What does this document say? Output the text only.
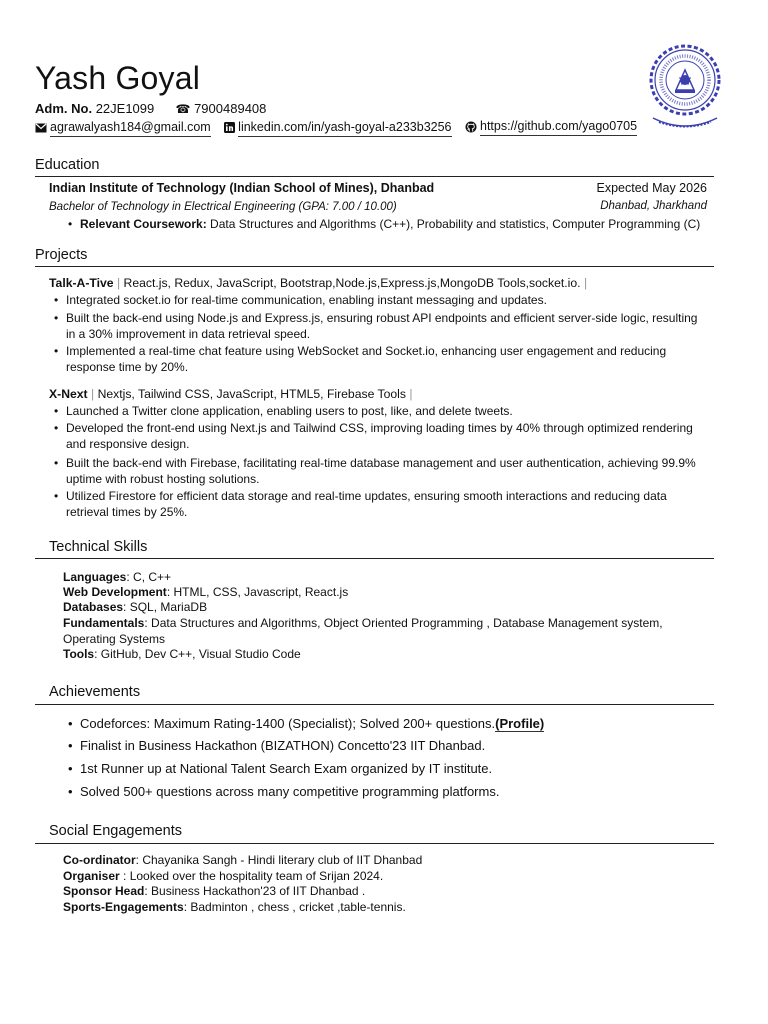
Yash Goyal
Adm. No. 22JE1099 ☎ 7900489408
agrawalyash184@gmail.com
linkedin.com/in/yash-goyal-a233b3256
https://github.com/yago0705
Education
Indian Institute of Technology (Indian School of Mines), Dhanbad	Expected May 2026
Bachelor of Technology in Electrical Engineering (GPA: 7.00 / 10.00)	Dhanbad, Jharkhand
• Relevant Coursework: Data Structures and Algorithms (C++), Probability and statistics, Computer Programming (C)
Projects
Talk-A-Tive | React.js, Redux, JavaScript, Bootstrap,Node.js,Express.js,MongoDB Tools,socket.io. |
• Integrated socket.io for real-time communication, enabling instant messaging and updates.
• Built the back-end using Node.js and Express.js, ensuring robust API endpoints and efficient server-side logic, resulting in a 30% improvement in data retrieval speed.
• Implemented a real-time chat feature using WebSocket and Socket.io, enhancing user engagement and reducing response time by 20%.
X-Next | Nextjs, Tailwind CSS, JavaScript, HTML5, Firebase Tools |
• Launched a Twitter clone application, enabling users to post, like, and delete tweets.
• Developed the front-end using Next.js and Tailwind CSS, improving loading times by 40% through optimized rendering and responsive design.
• Built the back-end with Firebase, facilitating real-time database management and user authentication, achieving 99.9% uptime with robust hosting solutions.
• Utilized Firestore for efficient data storage and real-time updates, ensuring smooth interactions and reducing data retrieval times by 25%.
Technical Skills
Languages: C, C++
Web Development: HTML, CSS, Javascript, React.js
Databases: SQL, MariaDB
Fundamentals: Data Structures and Algorithms, Object Oriented Programming , Database Management system, Operating Systems
Tools: GitHub, Dev C++, Visual Studio Code
Achievements
• Codeforces: Maximum Rating-1400 (Specialist); Solved 200+ questions.(Profile)
• Finalist in Business Hackathon (BIZATHON) Concetto'23 IIT Dhanbad.
• 1st Runner up at National Talent Search Exam organized by IT institute.
• Solved 500+ questions across many competitive programming platforms.
Social Engagements
Co-ordinator: Chayanika Sangh - Hindi literary club of IIT Dhanbad
Organiser : Looked over the hospitality team of Srijan 2024.
Sponsor Head: Business Hackathon'23 of IIT Dhanbad .
Sports-Engagements: Badminton , chess , cricket ,table-tennis.
